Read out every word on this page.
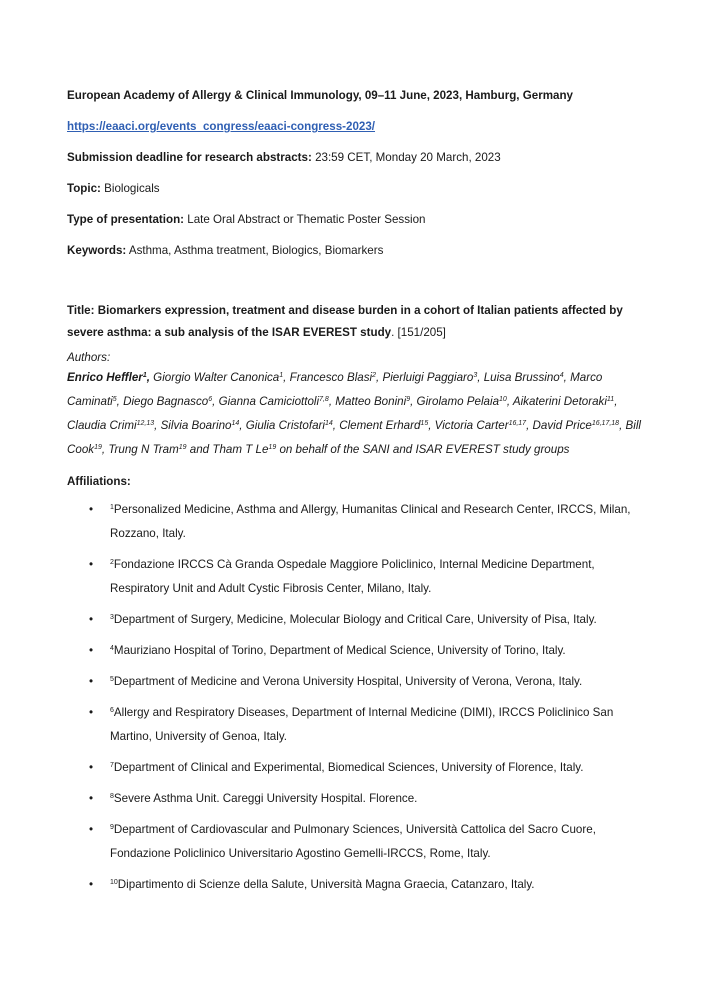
European Academy of Allergy & Clinical Immunology, 09–11 June, 2023, Hamburg, Germany

https://eaaci.org/events_congress/eaaci-congress-2023/

Submission deadline for research abstracts: 23:59 CET, Monday 20 March, 2023

Topic: Biologicals

Type of presentation: Late Oral Abstract or Thematic Poster Session

Keywords: Asthma, Asthma treatment, Biologics, Biomarkers

Title: Biomarkers expression, treatment and disease burden in a cohort of Italian patients affected by severe asthma: a sub analysis of the ISAR EVEREST study. [151/205]

Authors:
Enrico Heffler$^1$, Giorgio Walter Canonica$^1$, Francesco Blasi$^2$, Pierluigi Paggiaro$^3$, Luisa Brussino$^4$, Marco Caminati$^5$, Diego Bagnasco$^6$, Gianna Camiciottoli$^{7,8}$, Matteo Bonini$^9$, Girolamo Pelaia$^{10}$, Aikaterini Detoraki$^{11}$, Claudia Crimi$^{12,13}$, Silvia Boarino$^{14}$, Giulia Cristofari$^{14}$, Clement Erhard$^{15}$, Victoria Carter$^{16,17}$, David Price$^{16,17,18}$, Bill Cook$^{19}$, Trung N Tram$^{19}$ and Tham T Le$^{19}$ on behalf of the SANI and ISAR EVEREST study groups

Affiliations:

• $^1$Personalized Medicine, Asthma and Allergy, Humanitas Clinical and Research Center, IRCCS, Milan, Rozzano, Italy.
• $^2$Fondazione IRCCS Cà Granda Ospedale Maggiore Policlinico, Internal Medicine Department, Respiratory Unit and Adult Cystic Fibrosis Center, Milano, Italy.
• $^3$Department of Surgery, Medicine, Molecular Biology and Critical Care, University of Pisa, Italy.
• $^4$Mauriziano Hospital of Torino, Department of Medical Science, University of Torino, Italy.
• $^5$Department of Medicine and Verona University Hospital, University of Verona, Verona, Italy.
• $^6$Allergy and Respiratory Diseases, Department of Internal Medicine (DIMI), IRCCS Policlinico San Martino, University of Genoa, Italy.
• $^7$Department of Clinical and Experimental, Biomedical Sciences, University of Florence, Italy.
• $^8$Severe Asthma Unit. Careggi University Hospital. Florence.
• $^9$Department of Cardiovascular and Pulmonary Sciences, Università Cattolica del Sacro Cuore, Fondazione Policlinico Universitario Agostino Gemelli-IRCCS, Rome, Italy.
• $^{10}$Dipartimento di Scienze della Salute, Università Magna Graecia, Catanzaro, Italy.
